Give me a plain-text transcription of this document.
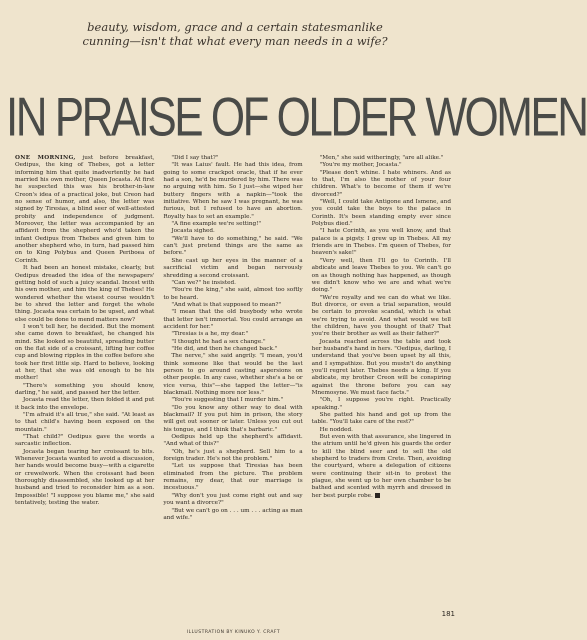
beauty, wisdom, grace and a certain statesmanlike
cunning—isn't that what every man needs in a wife?
IN PRAISE OF OLDER WOMEN

ONE MORNING, just before breakfast, Oedipus, the king of Thebes, got a letter informing him that quite inadvertently he had married his own mother, Queen Jocasta. At first he suspected this was his brother-in-law Creon's idea of a practical joke, but Creon had no sense of humor, and also, the letter was signed by Tiresias, a blind seer of well-attested probity and independence of judgment. Moreover, the letter was accompanied by an affidavit from the shepherd who'd taken the infant Oedipus from Thebes and given him to another shepherd who, in turn, had passed him on to King Polybus and Queen Periboea of Corinth.

It had been an honest mistake, clearly, but Oedipus dreaded the idea of the newspapers' getting hold of such a juicy scandal. Incest with his own mother, and him the king of Thebes! He wondered whether the wisest course wouldn't be to shred the letter and forget the whole thing. Jocasta was certain to be upset, and what else could be done to mend matters now?

I won't tell her, he decided. But the moment she came down to breakfast, he changed his mind. She looked so beautiful, spreading butter on the flat side of a croissant, lifting her coffee cup and blowing ripples in the coffee before she took her first little sip. Hard to believe, looking at her, that she was old enough to be his mother!

"There's something you should know, darling," he said, and passed her the letter.

Jocasta read the letter, then folded it and put it back into the envelope.

"I'm afraid it's all true," she said. "At least as to that child's having been exposed on the mountain."

"That child?" Oedipus gave the words a sarcastic inflection.

Jocasta began tearing her croissant to bits. Whenever Jocasta wanted to avoid a discussion, her hands would become busy—with a cigarette or crewelwork. When the croissant had been thoroughly disassembled, she looked up at her husband and tried to reconsider him as a son. Impossible! "I suppose you blame me," she said tentatively, testing the water.

"Did I say that?"

"It was Laius' fault. He had this idea, from going to some crackpot oracle, that if he ever had a son, he'd be murdered by him. There was no arguing with him. So I just—she wiped her buttery fingers with a napkin—"took the initiative. When he saw I was pregnant, he was furious, but I refused to have an abortion. Royalty has to set an example."

"A fine example we're setting!"

Jocasta sighed.

"We'll have to do something," he said. "We can't just pretend things are the same as before."

She cast up her eyes in the manner of a sacrificial victim and began nervously shredding a second croissant.

"Can we?" he insisted.

"You're the king," she said, almost too softly to be heard.

"And what is that supposed to mean?"

"I mean that the old busybody who wrote that letter isn't immortal. You could arrange an accident for her."

"Tiresias is a he, my dear."

"I thought he had a sex change."

"He did, and then he changed back."

The nerve," she said angrily. "I mean, you'd think someone like that would be the last person to go around casting aspersions on other people. In any case, whether she's a he or vice versa, this"—she tapped the letter—"is blackmail. Nothing more nor less."

"You're suggesting that I murder him."

"Do you know any other way to deal with blackmail? If you put him in prison, the story will get out sooner or later. Unless you cut out his tongue, and I think that's barbaric."

Oedipus held up the shepherd's affidavit. "And what of this?"

"Oh, he's just a shepherd. Sell him to a foreign trader. He's not the problem."

"Let us suppose that Tiresias has been eliminated from the picture. The problem remains, my dear, that our marriage is incestuous."

"Why don't you just come right out and say you want a divorce?"

"But we can't go on . . . um . . . acting as man and wife."

"Men," she said witheringly, "are all alike."

"You're my mother, Jocasta."

"Please don't whine. I hate whiners. And as to that, I'm also the mother of your four children. What's to become of them if we're divorced?"

"Well, I could take Antigone and Ismene, and you could take the boys to the palace in Corinth. It's been standing empty ever since Polybus died."

"I hate Corinth, as you well know, and that palace is a pigsty. I grew up in Thebes. All my friends are in Thebes. I'm queen of Thebes, for heaven's sake!"

"Very well, then I'll go to Corinth. I'll abdicate and leave Thebes to you. We can't go on as though nothing has happened, as though we didn't know who we are and what we're doing."

"We're royalty and we can do what we like. But divorce, or even a trial separation, would be certain to provoke scandal, which is what we're trying to avoid. And what would we tell the children, have you thought of that? That you're their brother as well as their father?"

Jocasta reached across the table and took her husband's hand in hers. "Oedipus, darling, I understand that you've been upset by all this, and I sympathize. But you mustn't do anything you'll regret later. Thebes needs a king. If you abdicate, my brother Creon will be conspiring against the throne before you can say Mnemosyne. We must face facts."

"Oh, I suppose you're right. Practically speaking."

She patted his hand and got up from the table. "You'll take care of the rest?"

He nodded.

But even with that assurance, she lingered in the atrium until he'd given his guards the order to kill the blind seer and to sell the old shepherd to traders from Crete. Then, avoiding the courtyard, where a delegation of citizens were continuing their sit-in to protest the plague, she went up to her own chamber to be bathed and scented with myrrh and dressed in her best purple robe.

181
ILLUSTRATION BY KINUKO Y. CRAFT
